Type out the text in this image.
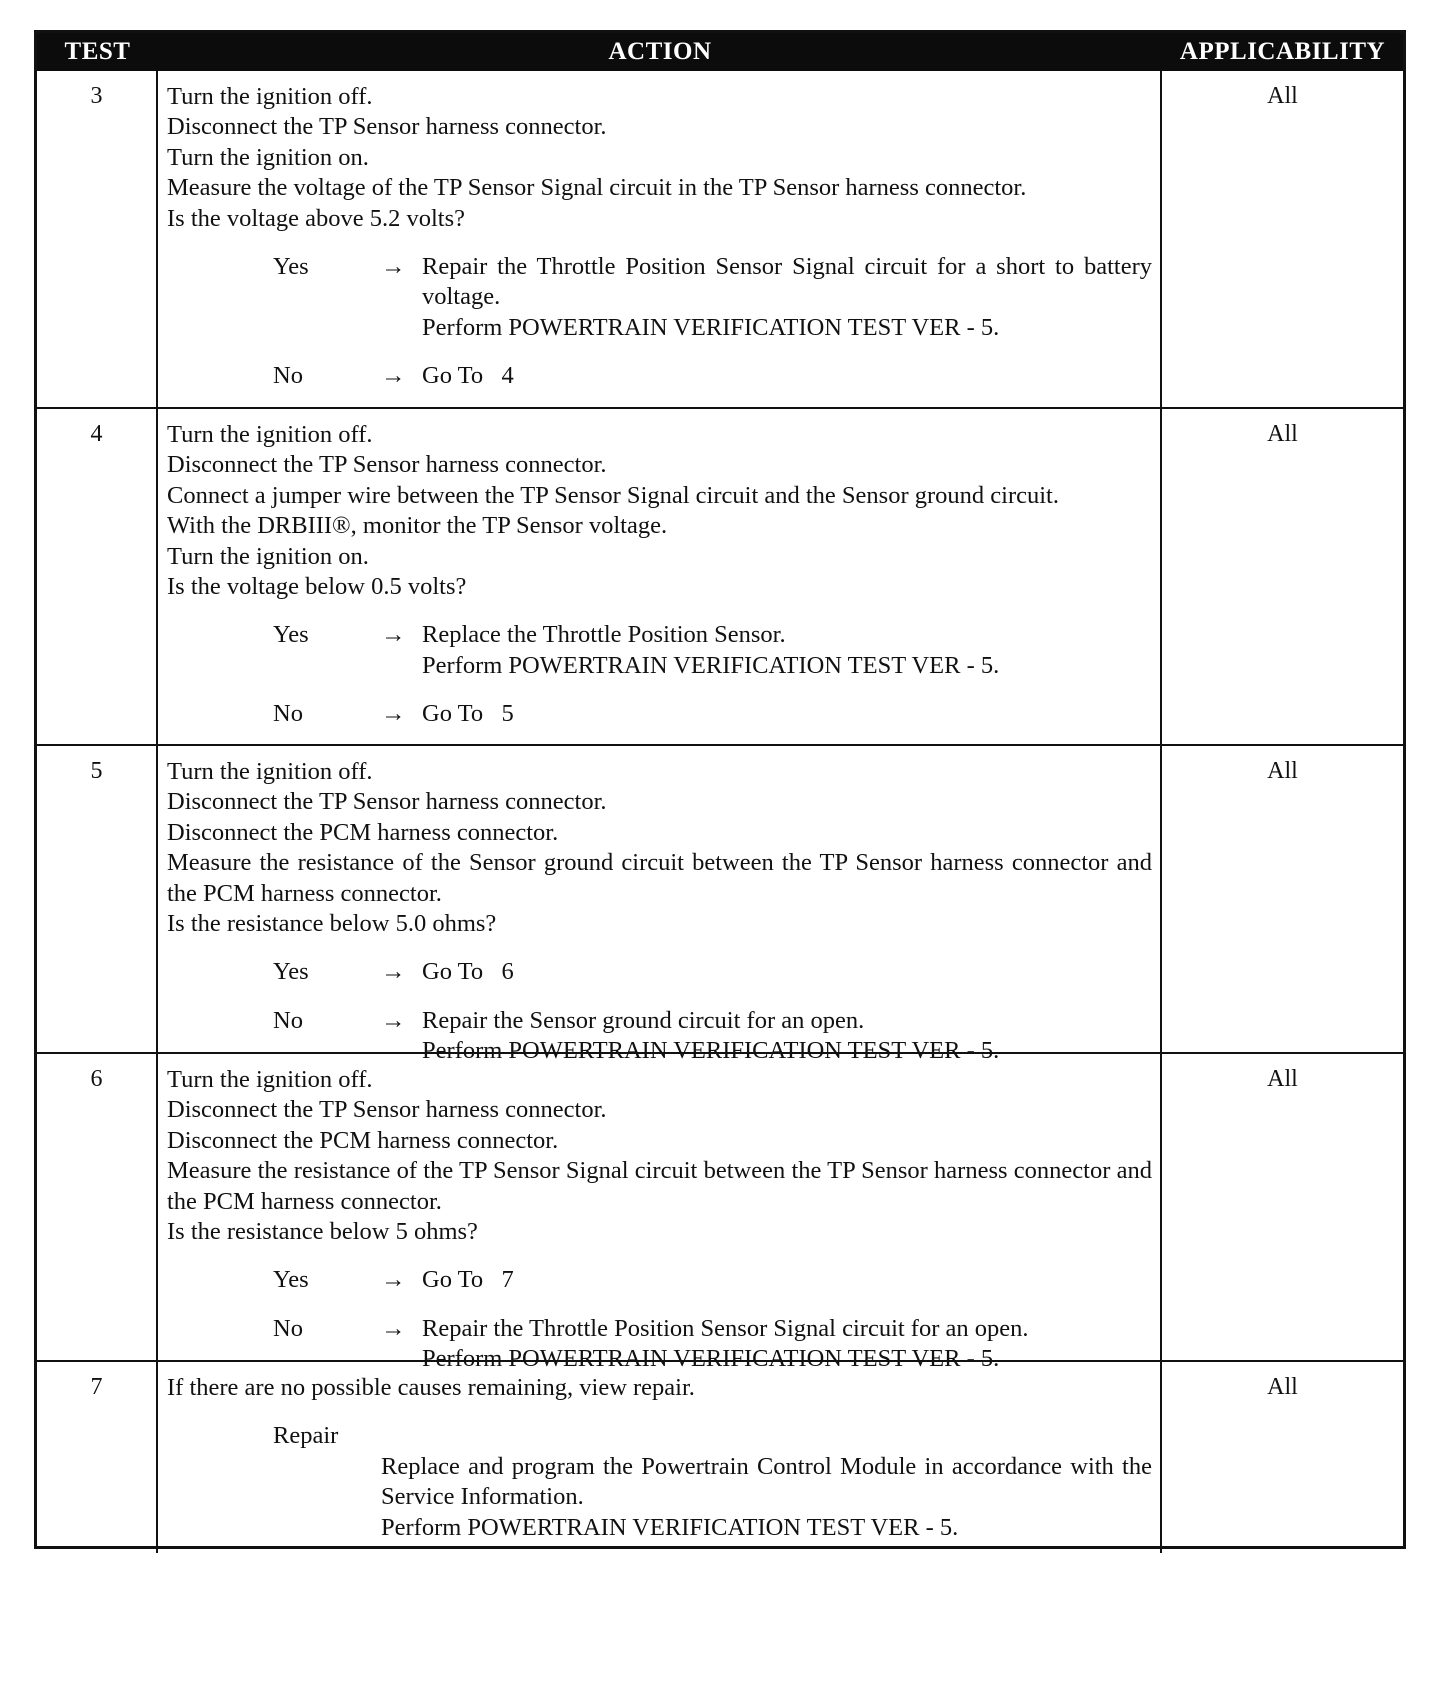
TEST	ACTION	APPLICABILITY
3	Turn the ignition off.
Disconnect the TP Sensor harness connector.
Turn the ignition on.
Measure the voltage of the TP Sensor Signal circuit in the TP Sensor harness connector.
Is the voltage above 5.2 volts?
Yes	→ Repair the Throttle Position Sensor Signal circuit for a short to battery voltage.
Perform POWERTRAIN VERIFICATION TEST VER - 5.
No	→ Go To   4
All
4	Turn the ignition off.
Disconnect the TP Sensor harness connector.
Connect a jumper wire between the TP Sensor Signal circuit and the Sensor ground circuit.
With the DRBIII®, monitor the TP Sensor voltage.
Turn the ignition on.
Is the voltage below 0.5 volts?
Yes	→ Replace the Throttle Position Sensor.
Perform POWERTRAIN VERIFICATION TEST VER - 5.
No	→ Go To   5
All
5	Turn the ignition off.
Disconnect the TP Sensor harness connector.
Disconnect the PCM harness connector.
Measure the resistance of the Sensor ground circuit between the TP Sensor harness connector and the PCM harness connector.
Is the resistance below 5.0 ohms?
Yes	→ Go To   6
No	→ Repair the Sensor ground circuit for an open.
Perform POWERTRAIN VERIFICATION TEST VER - 5.
All
6	Turn the ignition off.
Disconnect the TP Sensor harness connector.
Disconnect the PCM harness connector.
Measure the resistance of the TP Sensor Signal circuit between the TP Sensor harness connector and the PCM harness connector.
Is the resistance below 5 ohms?
Yes	→ Go To   7
No	→ Repair the Throttle Position Sensor Signal circuit for an open.
Perform POWERTRAIN VERIFICATION TEST VER - 5.
All
7	If there are no possible causes remaining, view repair.
Repair
Replace and program the Powertrain Control Module in accordance with the Service Information.
Perform POWERTRAIN VERIFICATION TEST VER - 5.
All
